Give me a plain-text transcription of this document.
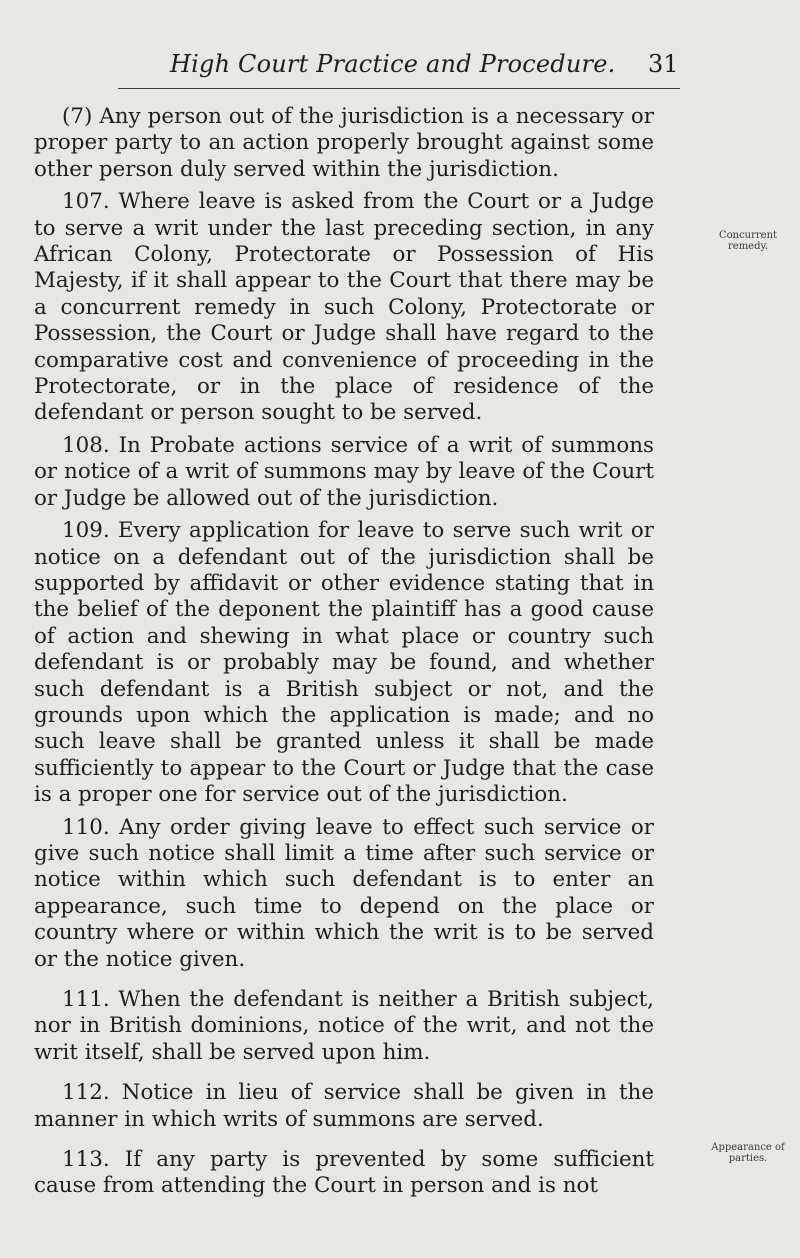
High Court Practice and Procedure. 31

(7) Any person out of the jurisdiction is a necessary or proper party to an action properly brought against some other person duly served within the jurisdiction.

107. Where leave is asked from the Court or a Judge to serve a writ under the last preceding section, in any African Colony, Protectorate or Possession of His Majesty, if it shall appear to the Court that there may be a concurrent remedy in such Colony, Protectorate or Possession, the Court or Judge shall have regard to the comparative cost and convenience of proceeding in the Protectorate, or in the place of residence of the defendant or person sought to be served.

108. In Probate actions service of a writ of summons or notice of a writ of summons may by leave of the Court or Judge be allowed out of the jurisdiction.

109. Every application for leave to serve such writ or notice on a defendant out of the jurisdiction shall be supported by affidavit or other evidence stating that in the belief of the deponent the plaintiff has a good cause of action and shewing in what place or country such defendant is or probably may be found, and whether such defendant is a British subject or not, and the grounds upon which the application is made; and no such leave shall be granted unless it shall be made sufficiently to appear to the Court or Judge that the case is a proper one for service out of the jurisdiction.

110. Any order giving leave to effect such service or give such notice shall limit a time after such service or notice within which such defendant is to enter an appearance, such time to depend on the place or country where or within which the writ is to be served or the notice given.

111. When the defendant is neither a British subject, nor in British dominions, notice of the writ, and not the writ itself, shall be served upon him.

112. Notice in lieu of service shall be given in the manner in which writs of summons are served.

113. If any party is prevented by some sufficient cause from attending the Court in person and is not

Concurrent remedy.
Appearance of parties.
